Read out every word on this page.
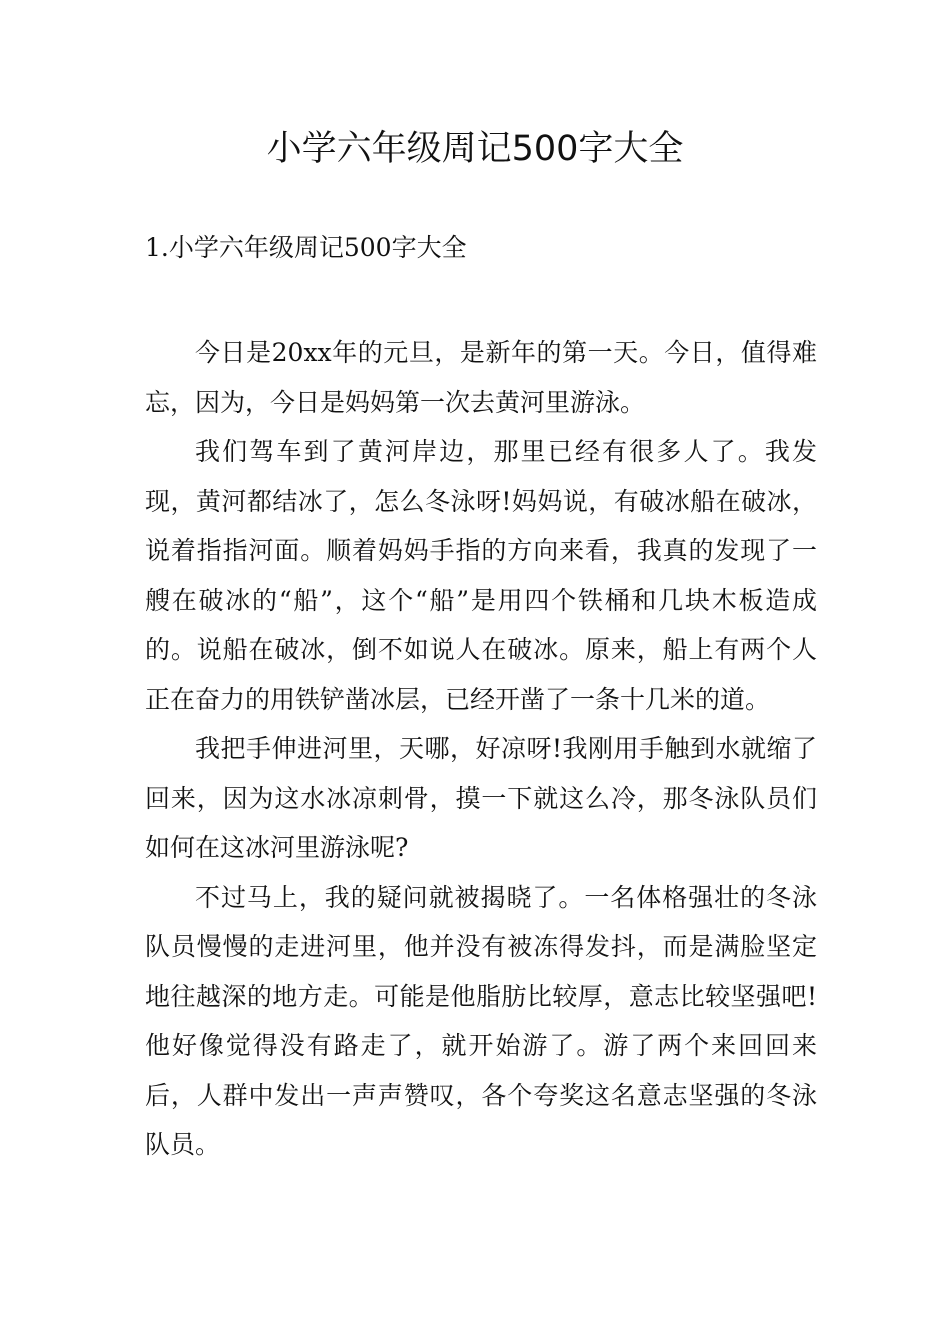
小学六年级周记500字大全
1.小学六年级周记500字大全

今日是20xx年的元旦，是新年的第一天。今日，值得难忘，因为，今日是妈妈第一次去黄河里游泳。

我们驾车到了黄河岸边，那里已经有很多人了。我发现，黄河都结冰了，怎么冬泳呀!妈妈说，有破冰船在破冰，说着指指河面。顺着妈妈手指的方向来看，我真的发现了一艘在破冰的“船”，这个“船”是用四个铁桶和几块木板造成的。说船在破冰，倒不如说人在破冰。原来，船上有两个人正在奋力的用铁铲凿冰层，已经开凿了一条十几米的道。

我把手伸进河里，天哪，好凉呀!我刚用手触到水就缩了回来，因为这水冰凉刺骨，摸一下就这么冷，那冬泳队员们如何在这冰河里游泳呢?

不过马上，我的疑问就被揭晓了。一名体格强壮的冬泳队员慢慢的走进河里，他并没有被冻得发抖，而是满脸坚定地往越深的地方走。可能是他脂肪比较厚，意志比较坚强吧!他好像觉得没有路走了，就开始游了。游了两个来回回来后，人群中发出一声声赞叹，各个夸奖这名意志坚强的冬泳队员。
